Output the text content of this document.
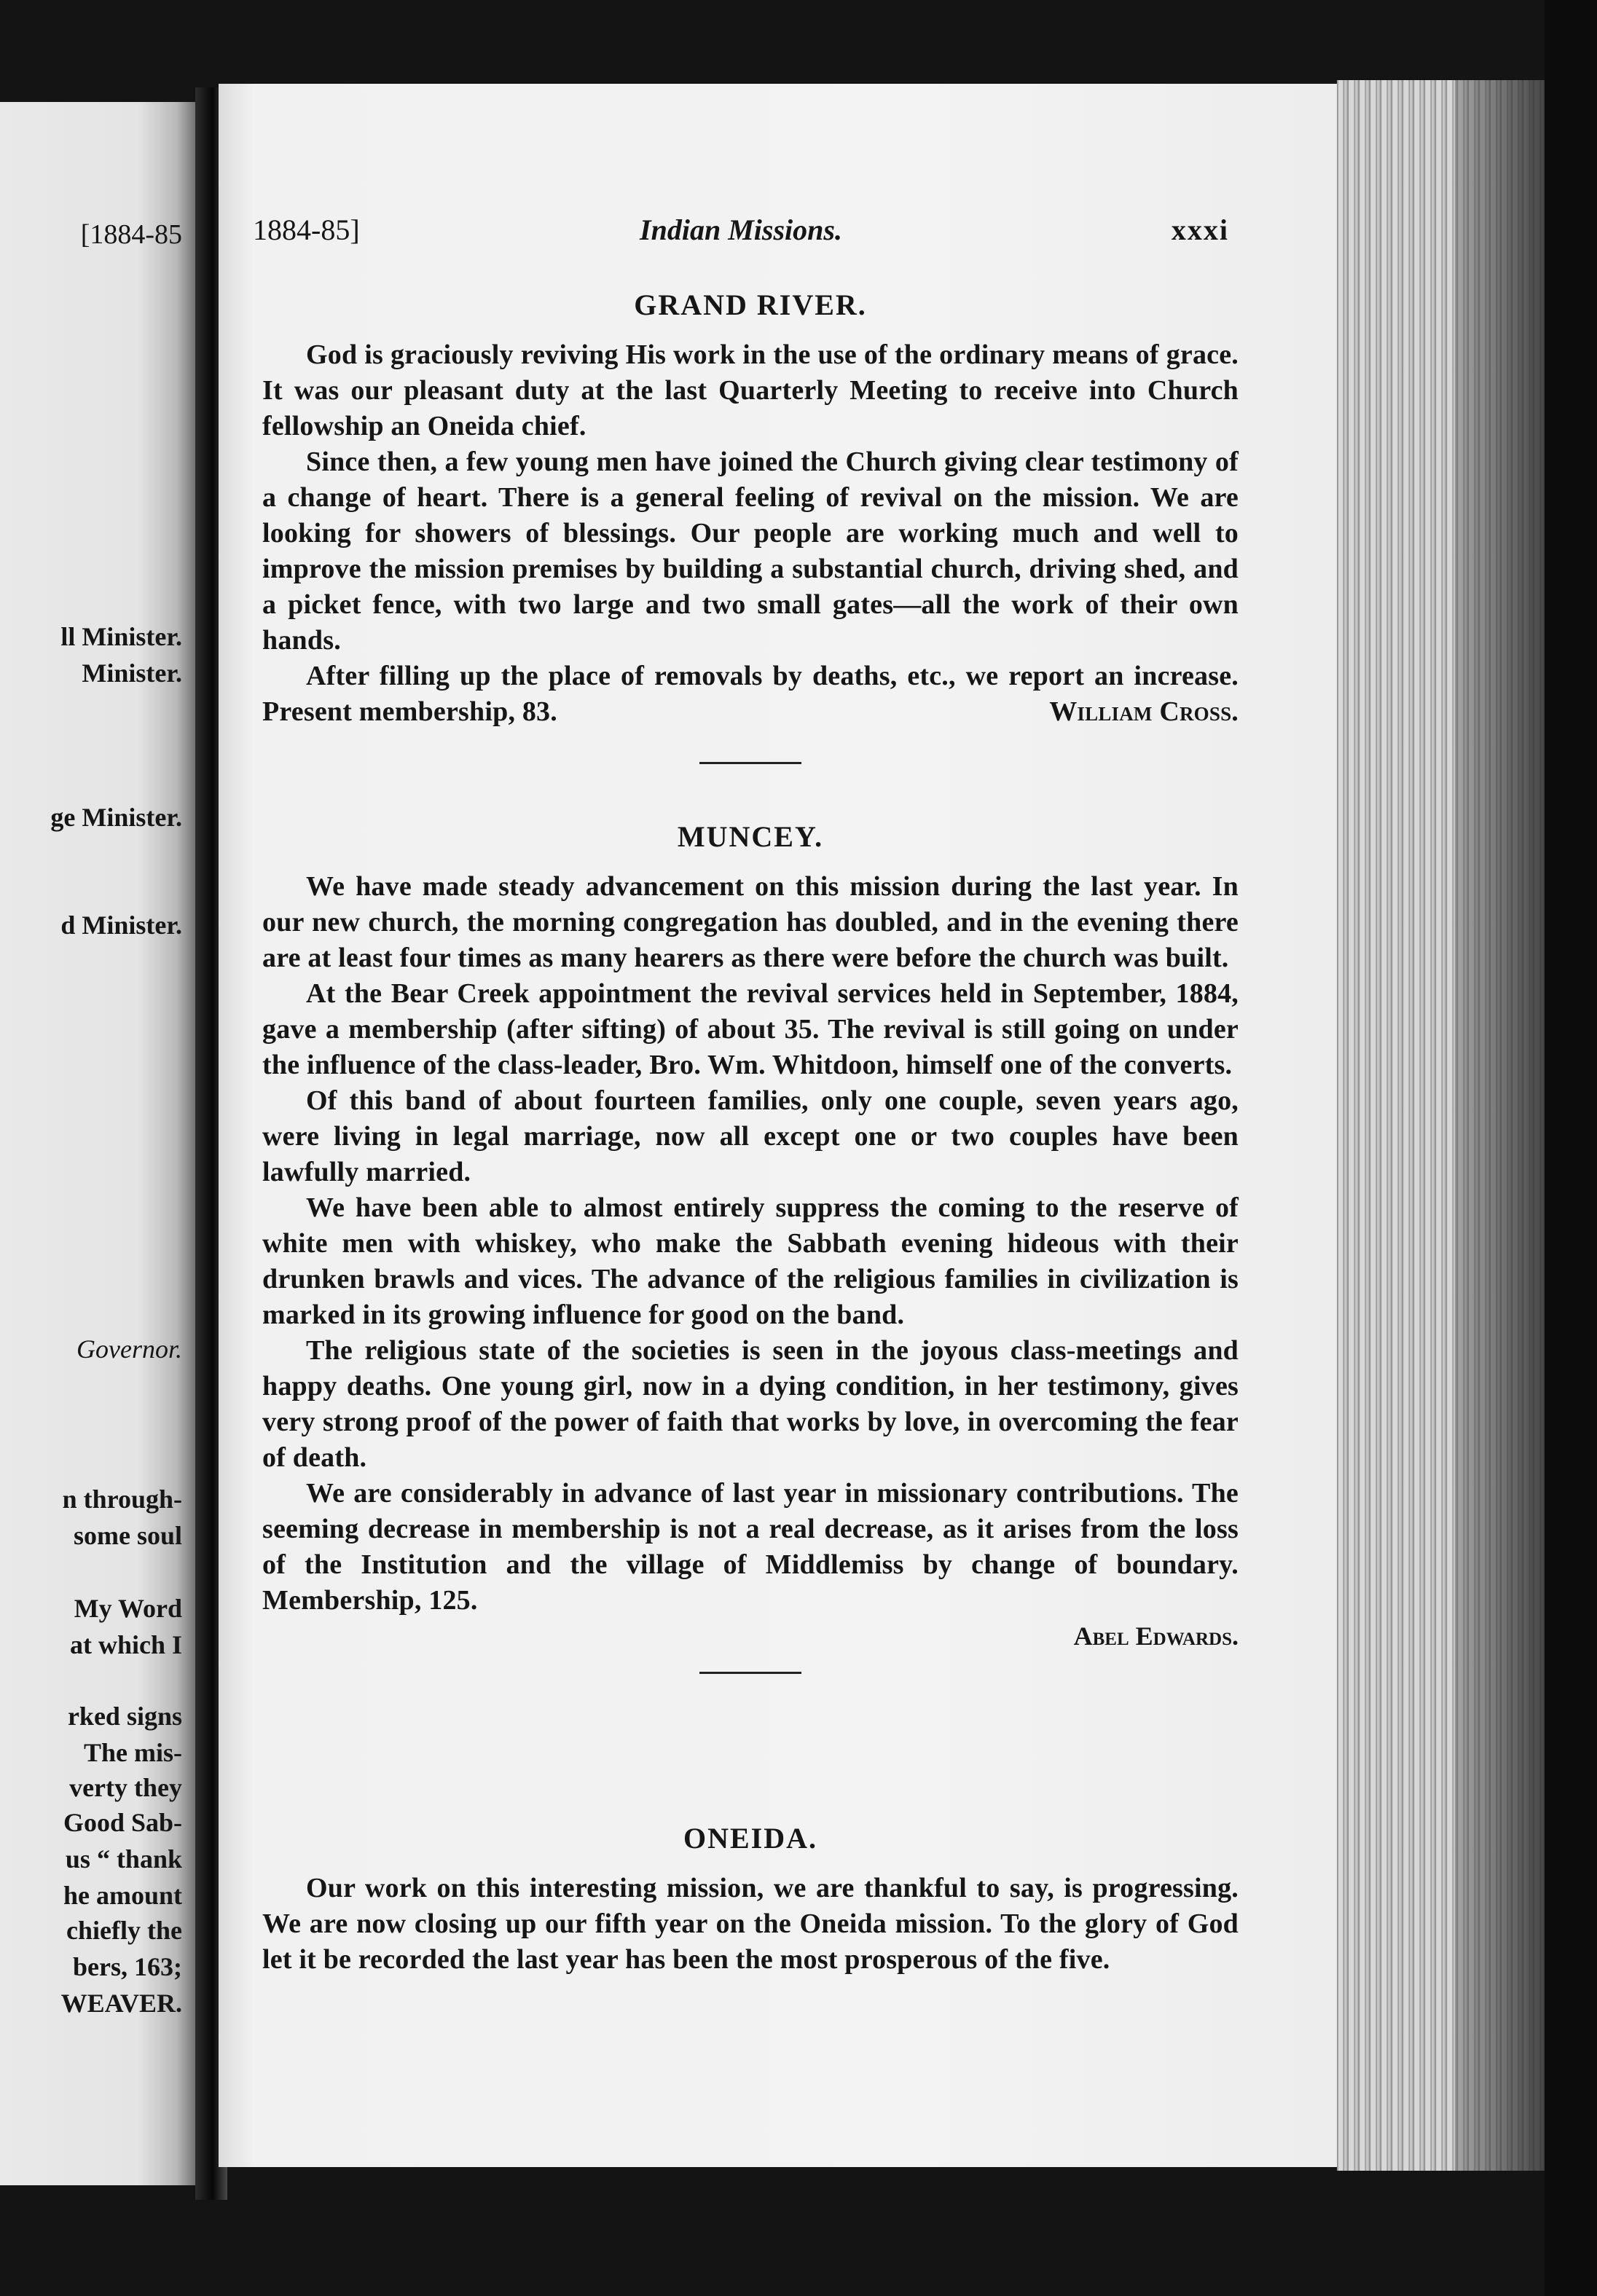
[1884-85
ll Minister.
Minister.
ge Minister.
d Minister.
Governor.
n through-
some soul
My Word
at which I
rked signs
The mis-
verty they
Good Sab-
us “ thank
he amount
chiefly the
bers, 163;
WEAVER.
1884-85]	Indian Missions.	xxxi
GRAND RIVER.

God is graciously reviving His work in the use of the ordinary means of grace. It was our pleasant duty at the last Quarterly Meeting to receive into Church fellowship an Oneida chief.

Since then, a few young men have joined the Church giving clear testimony of a change of heart. There is a general feeling of revival on the mission. We are looking for showers of blessings. Our people are working much and well to improve the mission premises by building a substantial church, driving shed, and a picket fence, with two large and two small gates—all the work of their own hands.

After filling up the place of removals by deaths, etc., we report an increase. Present membership, 83.	William Cross.

MUNCEY.

We have made steady advancement on this mission during the last year. In our new church, the morning congregation has doubled, and in the evening there are at least four times as many hearers as there were before the church was built.

At the Bear Creek appointment the revival services held in September, 1884, gave a membership (after sifting) of about 35. The revival is still going on under the influence of the class-leader, Bro. Wm. Whitdoon, himself one of the converts.

Of this band of about fourteen families, only one couple, seven years ago, were living in legal marriage, now all except one or two couples have been lawfully married.

We have been able to almost entirely suppress the coming to the reserve of white men with whiskey, who make the Sabbath evening hideous with their drunken brawls and vices. The advance of the religious families in civilization is marked in its growing influence for good on the band.

The religious state of the societies is seen in the joyous class-meetings and happy deaths. One young girl, now in a dying condition, in her testimony, gives very strong proof of the power of faith that works by love, in overcoming the fear of death.

We are considerably in advance of last year in missionary contributions. The seeming decrease in membership is not a real decrease, as it arises from the loss of the Institution and the village of Middlemiss by change of boundary. Membership, 125.

Abel Edwards.

ONEIDA.

Our work on this interesting mission, we are thankful to say, is progressing. We are now closing up our fifth year on the Oneida mission. To the glory of God let it be recorded the last year has been the most prosperous of the five.
